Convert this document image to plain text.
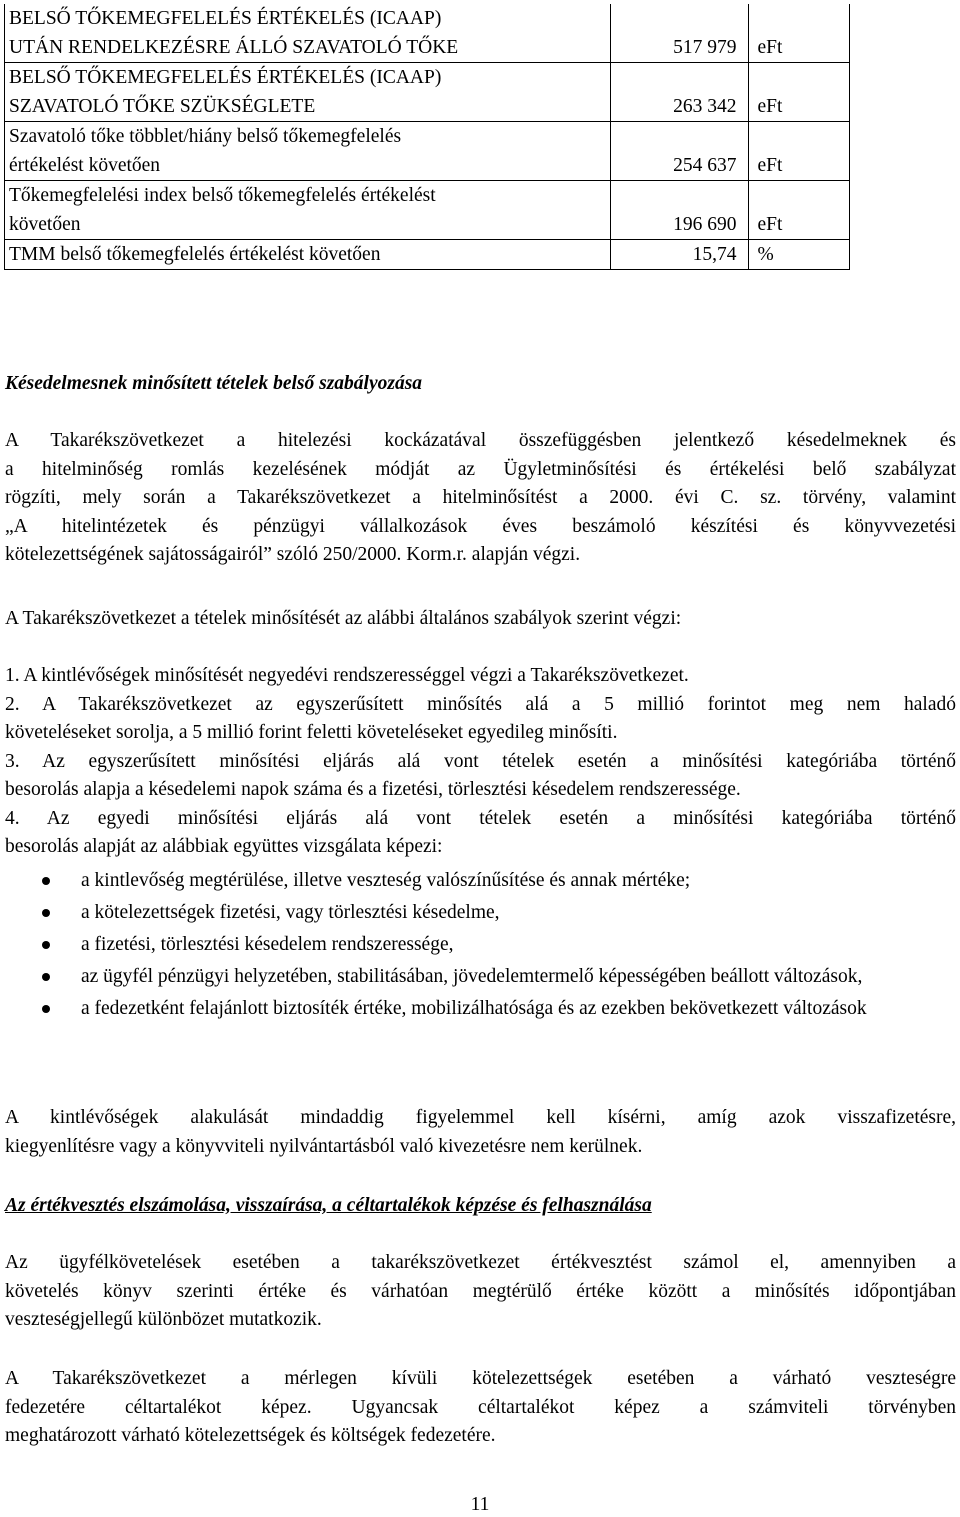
BELSŐ TŐKEMEGFELELÉS ÉRTÉKELÉS (ICAAP)
UTÁN RENDELKEZÉSRE ÁLLÓ SZAVATOLÓ TŐKE	517 979	eFt

BELSŐ TŐKEMEGFELELÉS ÉRTÉKELÉS (ICAAP)
SZAVATOLÓ TŐKE SZÜKSÉGLETE	263 342	eFt

Szavatoló tőke többlet/hiány belső tőkemegfelelés
értékelést követően	254 637	eFt

Tőkemegfelelési index belső tőkemegfelelés értékelést
követően	196 690	eFt

TMM belső tőkemegfelelés értékelést követően	15,74	%

Késedelmesnek minősített tételek belső szabályozása

A Takarékszövetkezet a hitelezési kockázatával összefüggésben jelentkező késedelmeknek és
a hitelminőség romlás kezelésének módját az Ügyletminősítési és értékelési belő szabályzat
rögzíti, mely során a Takarékszövetkezet a hitelminősítést a 2000. évi C. sz. törvény, valamint
„A hitelintézetek és pénzügyi vállalkozások éves beszámoló készítési és könyvvezetési
kötelezettségének sajátosságairól” szóló 250/2000. Korm.r. alapján végzi.

A Takarékszövetkezet a tételek minősítését az alábbi általános szabályok szerint végzi:

1. A kintlévőségek minősítését negyedévi rendszerességgel végzi a Takarékszövetkezet.
2. A Takarékszövetkezet az egyszerűsített minősítés alá a 5 millió forintot meg nem haladó
követeléseket sorolja, a 5 millió forint feletti követeléseket egyedileg minősíti.
3. Az egyszerűsített minősítési eljárás alá vont tételek esetén a minősítési kategóriába történő
besorolás alapja a késedelemi napok száma és a fizetési, törlesztési késedelem rendszeressége.
4. Az egyedi minősítési eljárás alá vont tételek esetén a minősítési kategóriába történő
besorolás alapját az alábbiak együttes vizsgálata képezi:
a kintlevőség megtérülése, illetve veszteség valószínűsítése és annak mértéke;
a kötelezettségek fizetési, vagy törlesztési késedelme,
a fizetési, törlesztési késedelem rendszeressége,
az ügyfél pénzügyi helyzetében, stabilitásában, jövedelemtermelő képességében beállott változások,
a fedezetként felajánlott biztosíték értéke, mobilizálhatósága és az ezekben bekövetkezett változások
A kintlévőségek alakulását mindaddig figyelemmel kell kísérni, amíg azok visszafizetésre,
kiegyenlítésre vagy a könyvviteli nyilvántartásból való kivezetésre nem kerülnek.

Az értékvesztés elszámolása, visszaírása, a céltartalékok képzése és felhasználása

Az ügyfélkövetelések esetében a takarékszövetkezet értékvesztést számol el, amennyiben a
követelés könyv szerinti értéke és várhatóan megtérülő értéke között a minősítés időpontjában
veszteségjellegű különbözet mutatkozik.
A Takarékszövetkezet a mérlegen kívüli kötelezettségek esetében a várható veszteségre
fedezetére céltartalékot képez. Ugyancsak céltartalékot képez a számviteli törvényben
meghatározott várható kötelezettségek és költségek fedezetére.
11
